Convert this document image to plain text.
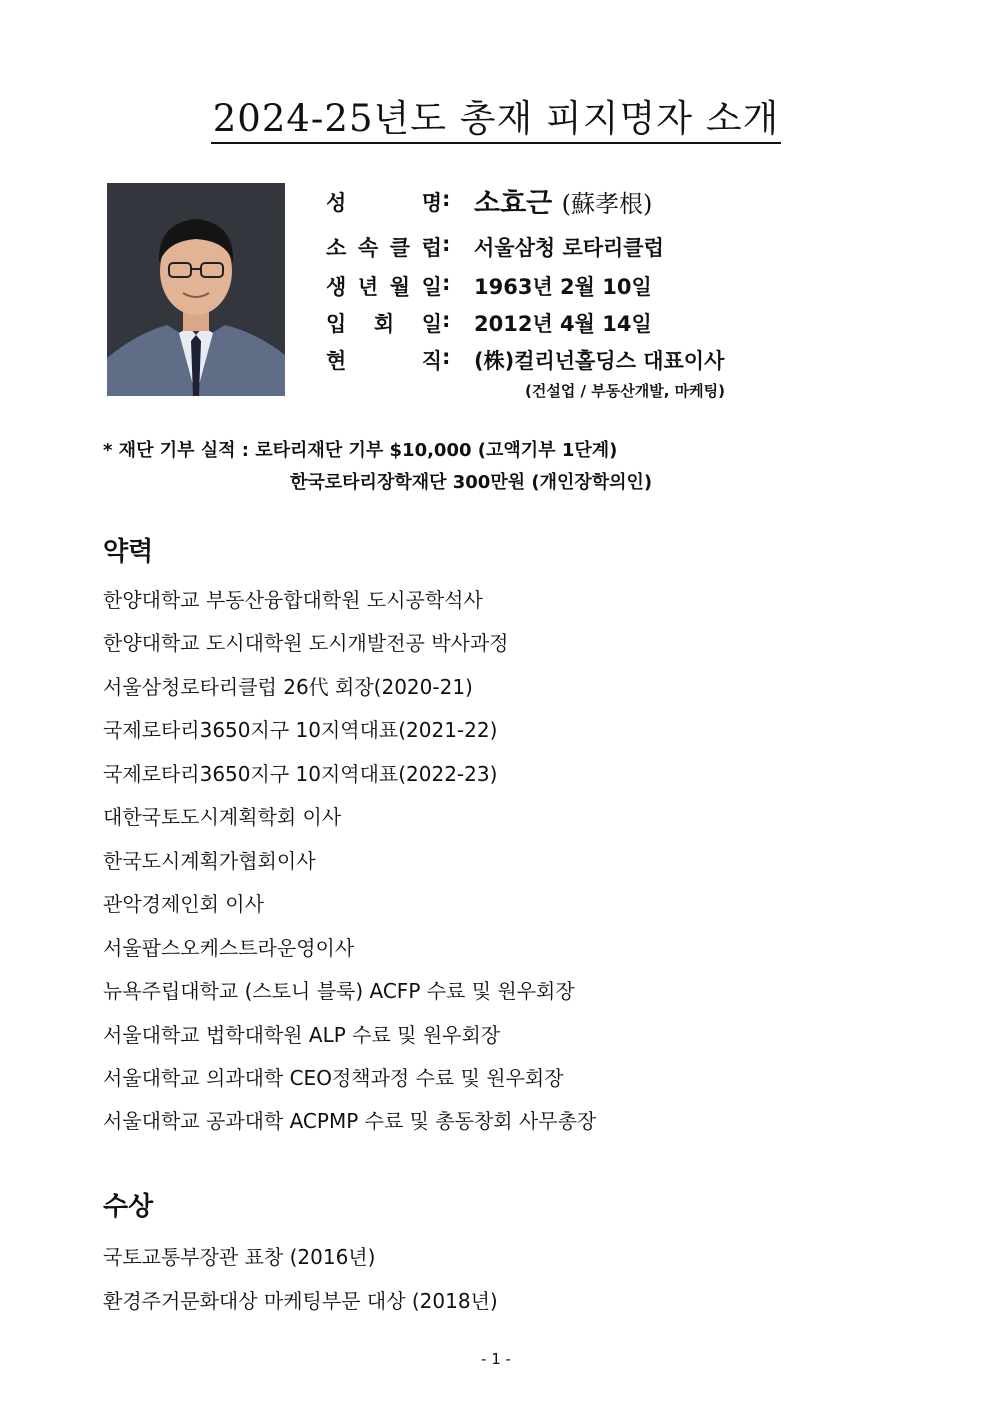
2024-25년도 총재 피지명자 소개
성	명 : 소효근 (蘇孝根)
소 속 클 럽 : 서울삼청 로타리클럽
생 년 월 일 : 1963년 2월 10일
입 회 일 : 2012년 4월 14일
현	직 : (株)컬리넌홀딩스 대표이사
(건설업 / 부동산개발, 마케팅)
* 재단 기부 실적 : 로타리재단 기부 $10,000 (고액기부 1단계)
한국로타리장학재단 300만원 (개인장학의인)
약력
한양대학교 부동산융합대학원 도시공학석사
한양대학교 도시대학원 도시개발전공 박사과정
서울삼청로타리클럽 26代 회장(2020-21)
국제로타리3650지구 10지역대표(2021-22)
국제로타리3650지구 10지역대표(2022-23)
대한국토도시계획학회 이사
한국도시계획가협회이사
관악경제인회 이사
서울팝스오케스트라운영이사
뉴욕주립대학교 (스토니 블룩) ACFP 수료 및 원우회장
서울대학교 법학대학원 ALP 수료 및 원우회장
서울대학교 의과대학 CEO정책과정 수료 및 원우회장
서울대학교 공과대학 ACPMP 수료 및 총동창회 사무총장
수상
국토교통부장관 표창 (2016년)
환경주거문화대상 마케팅부문 대상 (2018년)
- 1 -
